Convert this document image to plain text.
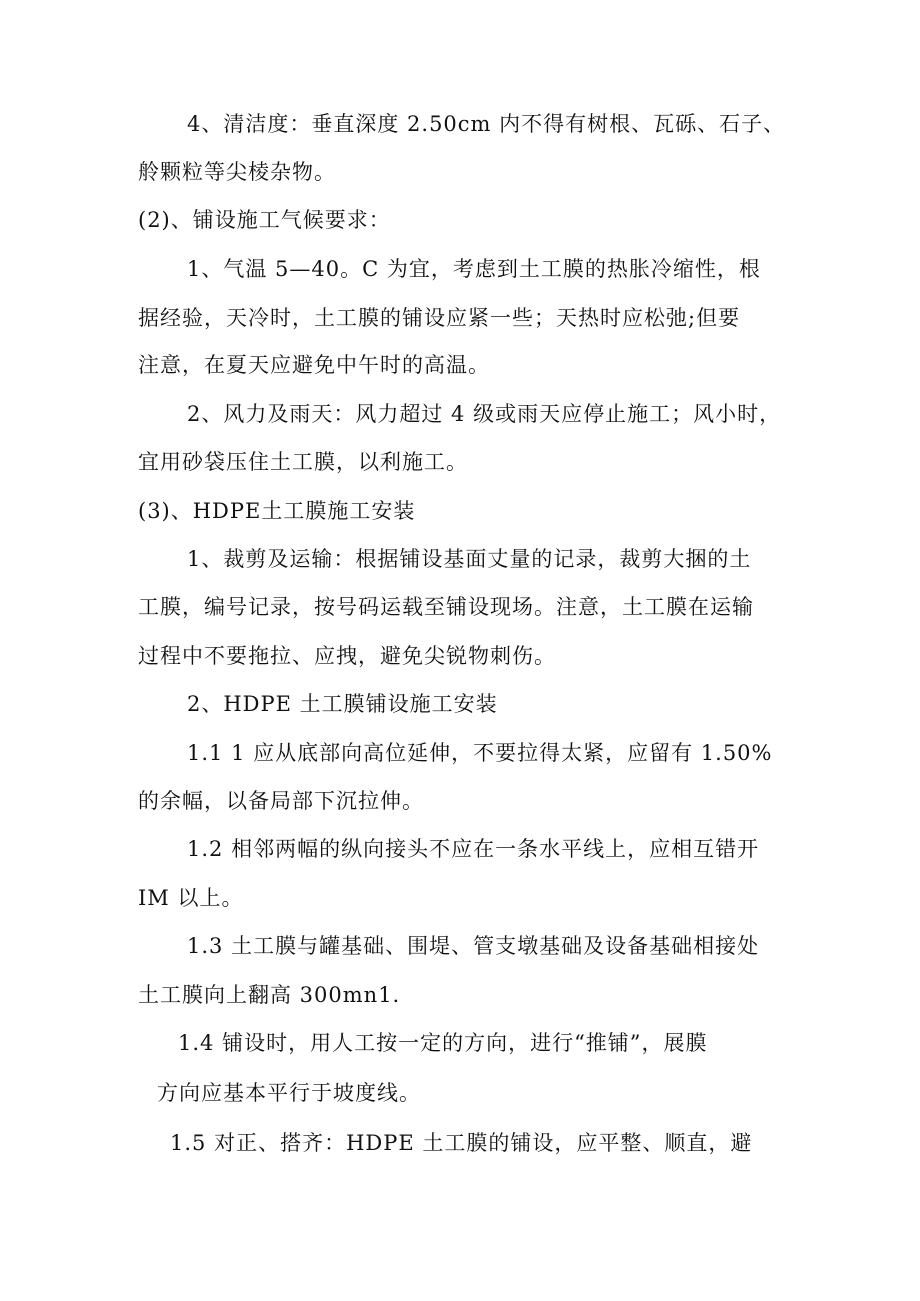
4、清洁度：垂直深度 2.50cm 内不得有树根、瓦砾、石子、
舲颗粒等尖棱杂物。
(2)、铺设施工气候要求：
1、气温 5—40。C 为宜，考虑到土工膜的热胀冷缩性，根
据经验，天冷时，土工膜的铺设应紧一些；天热时应松弛;但要
注意，在夏天应避免中午时的高温。
2、风力及雨天：风力超过 4 级或雨天应停止施工；风小时，
宜用砂袋压住土工膜，以利施工。
(3)、HDPE土工膜施工安装
1、裁剪及运输：根据铺设基面丈量的记录，裁剪大捆的土
工膜，编号记录，按号码运载至铺设现场。注意，土工膜在运输
过程中不要拖拉、应拽，避免尖锐物刺伤。
2、HDPE 土工膜铺设施工安装
1.1 1 应从底部向高位延伸，不要拉得太紧，应留有 1.50%
的余幅，以备局部下沉拉伸。
1.2 相邻两幅的纵向接头不应在一条水平线上，应相互错开
IM 以上。
1.3 土工膜与罐基础、围堤、管支墩基础及设备基础相接处
土工膜向上翻高 300mn1.
1.4 铺设时，用人工按一定的方向，进行“推铺”，展膜
方向应基本平行于坡度线。
1.5 对正、搭齐：HDPE 土工膜的铺设，应平整、顺直，避
